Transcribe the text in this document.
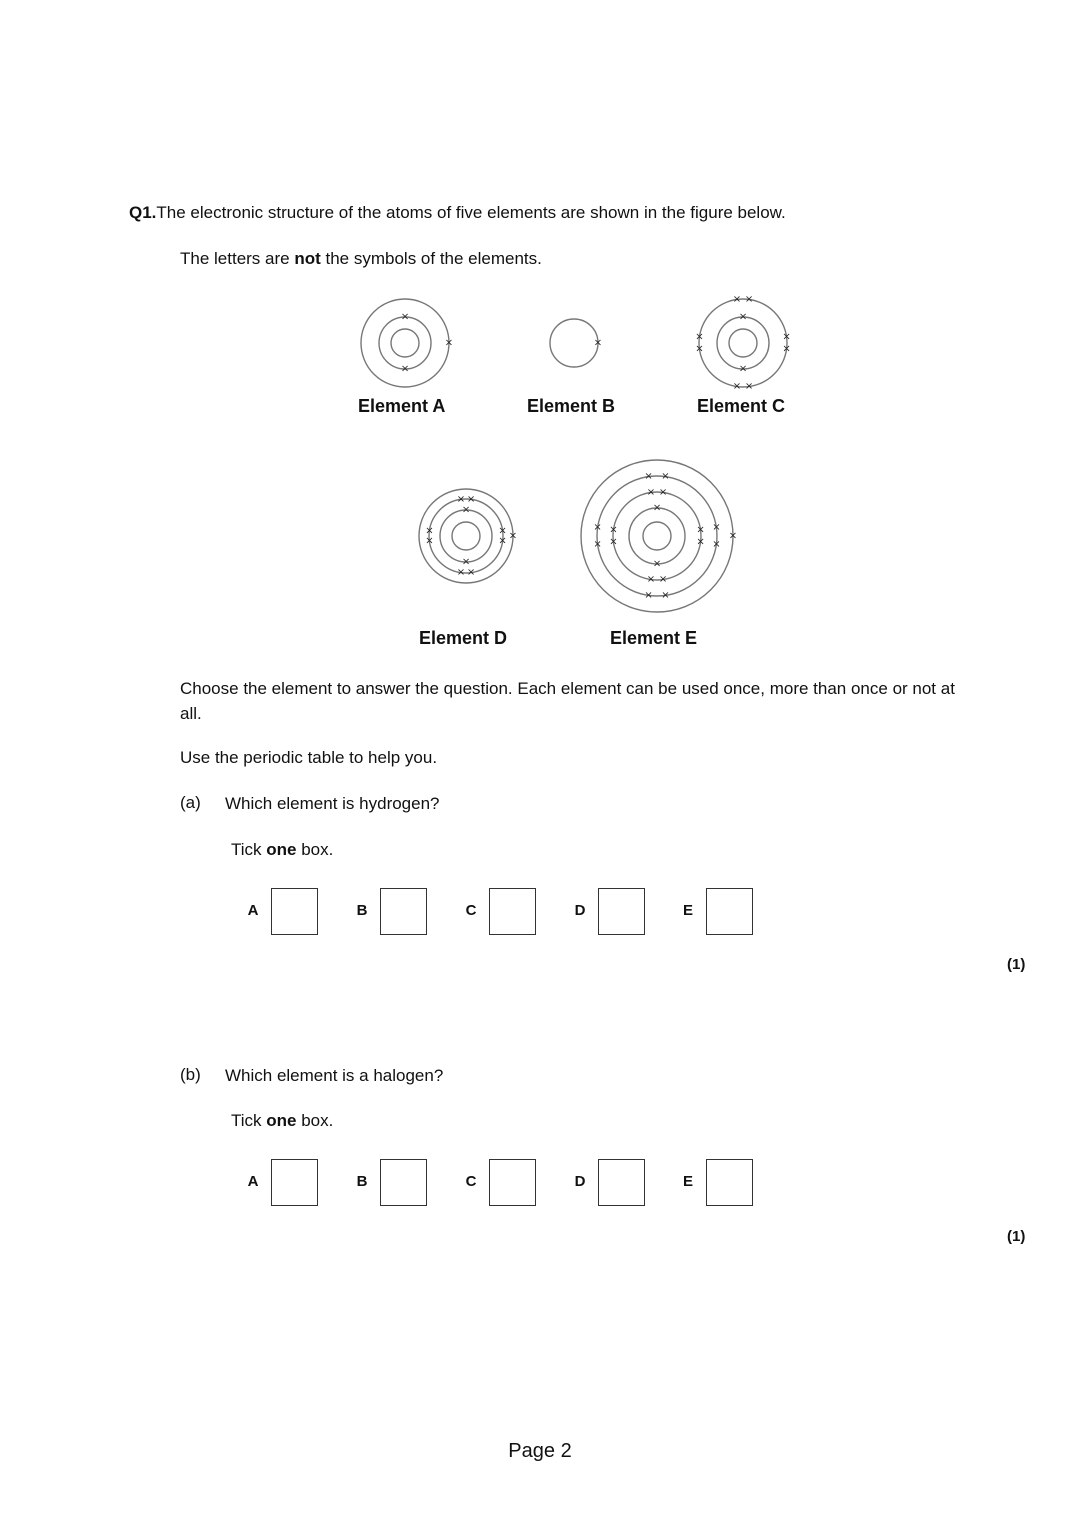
Q1.The electronic structure of the atoms of five elements are shown in the figure below.
The letters are not the symbols of the elements.
×
×
×	×
×
×
×
×
×
×
× ×
×
×
×
×
×
×
×
×
× ×
×
× ×
×
×
×
×
×
×
× ×
×
×
×
×
×
×
× ×
×
×
×
Element A	Element B	Element C
Element D	Element E
Choose the element to answer the question. Each element can be used once, more than once or not at all.
Use the periodic table to help you.
(a) Which element is hydrogen?
Tick one box.
A	B	C	D	E
(1)
(b) Which element is a halogen?
Tick one box.
A	B	C	D	E
(1)
Page 2
